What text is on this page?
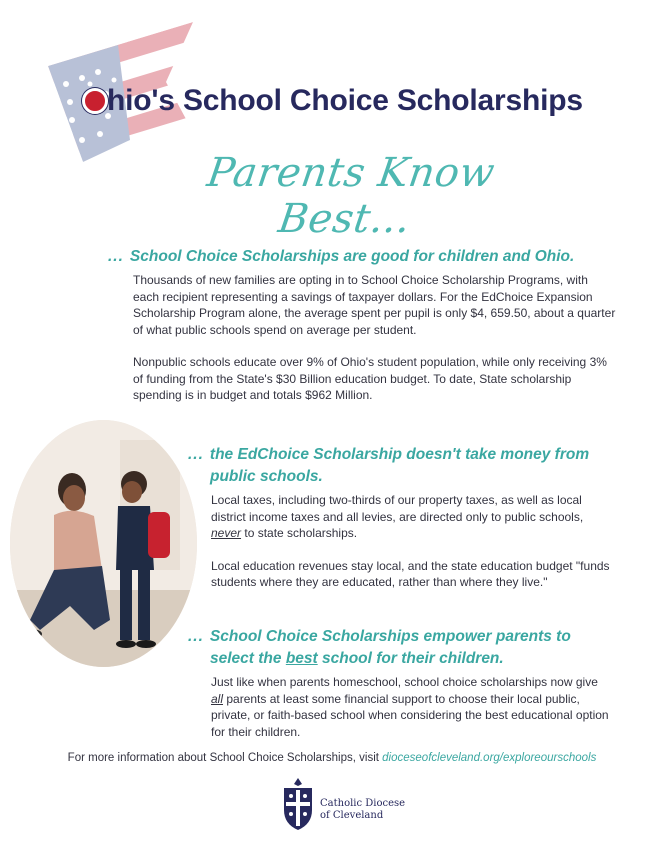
hio's School Choice Scholarships
Parents Know Best...
... School Choice Scholarships are good for children and Ohio.

Thousands of new families are opting in to School Choice Scholarship Programs, with each recipient representing a savings of taxpayer dollars. For the EdChoice Expansion Scholarship Program alone, the average spent per pupil is only $4, 659.50, about a quarter of what public schools spend on average per student.

Nonpublic schools educate over 9% of Ohio's student population, while only receiving 3% of funding from the State's $30 Billion education budget. To date, State scholarship spending is in budget and totals $962 Million.

... the EdChoice Scholarship doesn't take money from
public schools.

Local taxes, including two-thirds of our property taxes, as well as local district income taxes and all levies, are directed only to public schools, never to state scholarships.

Local education revenues stay local, and the state education budget "funds students where they are educated, rather than where they live."

... School Choice Scholarships empower parents to
select the best school for their children.

Just like when parents homeschool, school choice scholarships now give all parents at least some financial support to choose their local public, private, or faith-based school when considering the best educational option for their children.

For more information about School Choice Scholarships, visit dioceseofcleveland.org/exploreourschools
Catholic Diocese
of Cleveland
